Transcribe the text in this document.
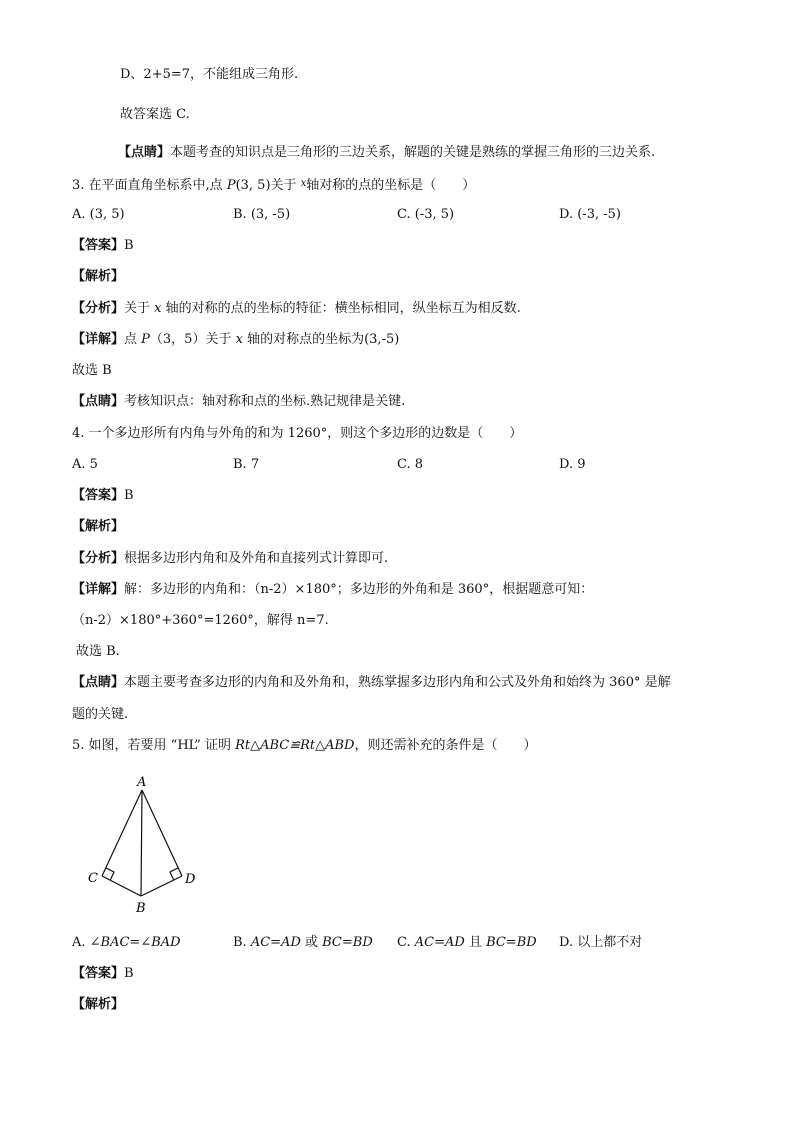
D、2+5=7，不能组成三角形.
故答案选 C.
【点睛】本题考查的知识点是三角形的三边关系，解题的关键是熟练的掌握三角形的三边关系.
3. 在平面直角坐标系中,点 P(3, 5)关于 $^x$轴对称的点的坐标是（　　）
A. (3, 5)	B. (3, -5)	C. (-3, 5)	D. (-3, -5)
【答案】B
【解析】
【分析】关于 x 轴的对称的点的坐标的特征：横坐标相同，纵坐标互为相反数.
【详解】点 P（3，5）关于 x 轴的对称点的坐标为(3,-5)
故选 B
【点睛】考核知识点：轴对称和点的坐标.熟记规律是关键.
4. 一个多边形所有内角与外角的和为 1260°，则这个多边形的边数是（　　）
A. 5	B. 7	C. 8	D. 9
【答案】B
【解析】
【分析】根据多边形内角和及外角和直接列式计算即可.
【详解】解：多边形的内角和：（n-2）×180°；多边形的外角和是 360°，根据题意可知：
（n-2）×180°+360°=1260°，解得 n=7.
故选 B.
【点睛】本题主要考查多边形的内角和及外角和，熟练掌握多边形内角和公式及外角和始终为 360° 是解
题的关键.
5. 如图，若要用 “HL” 证明 Rt△ABC≌Rt△ABD，则还需补充的条件是（　　）
A
C	D
B
A. ∠BAC=∠BAD	B. AC=AD 或 BC=BD C. AC=AD 且 BC=BD D. 以上都不对
【答案】B
【解析】
